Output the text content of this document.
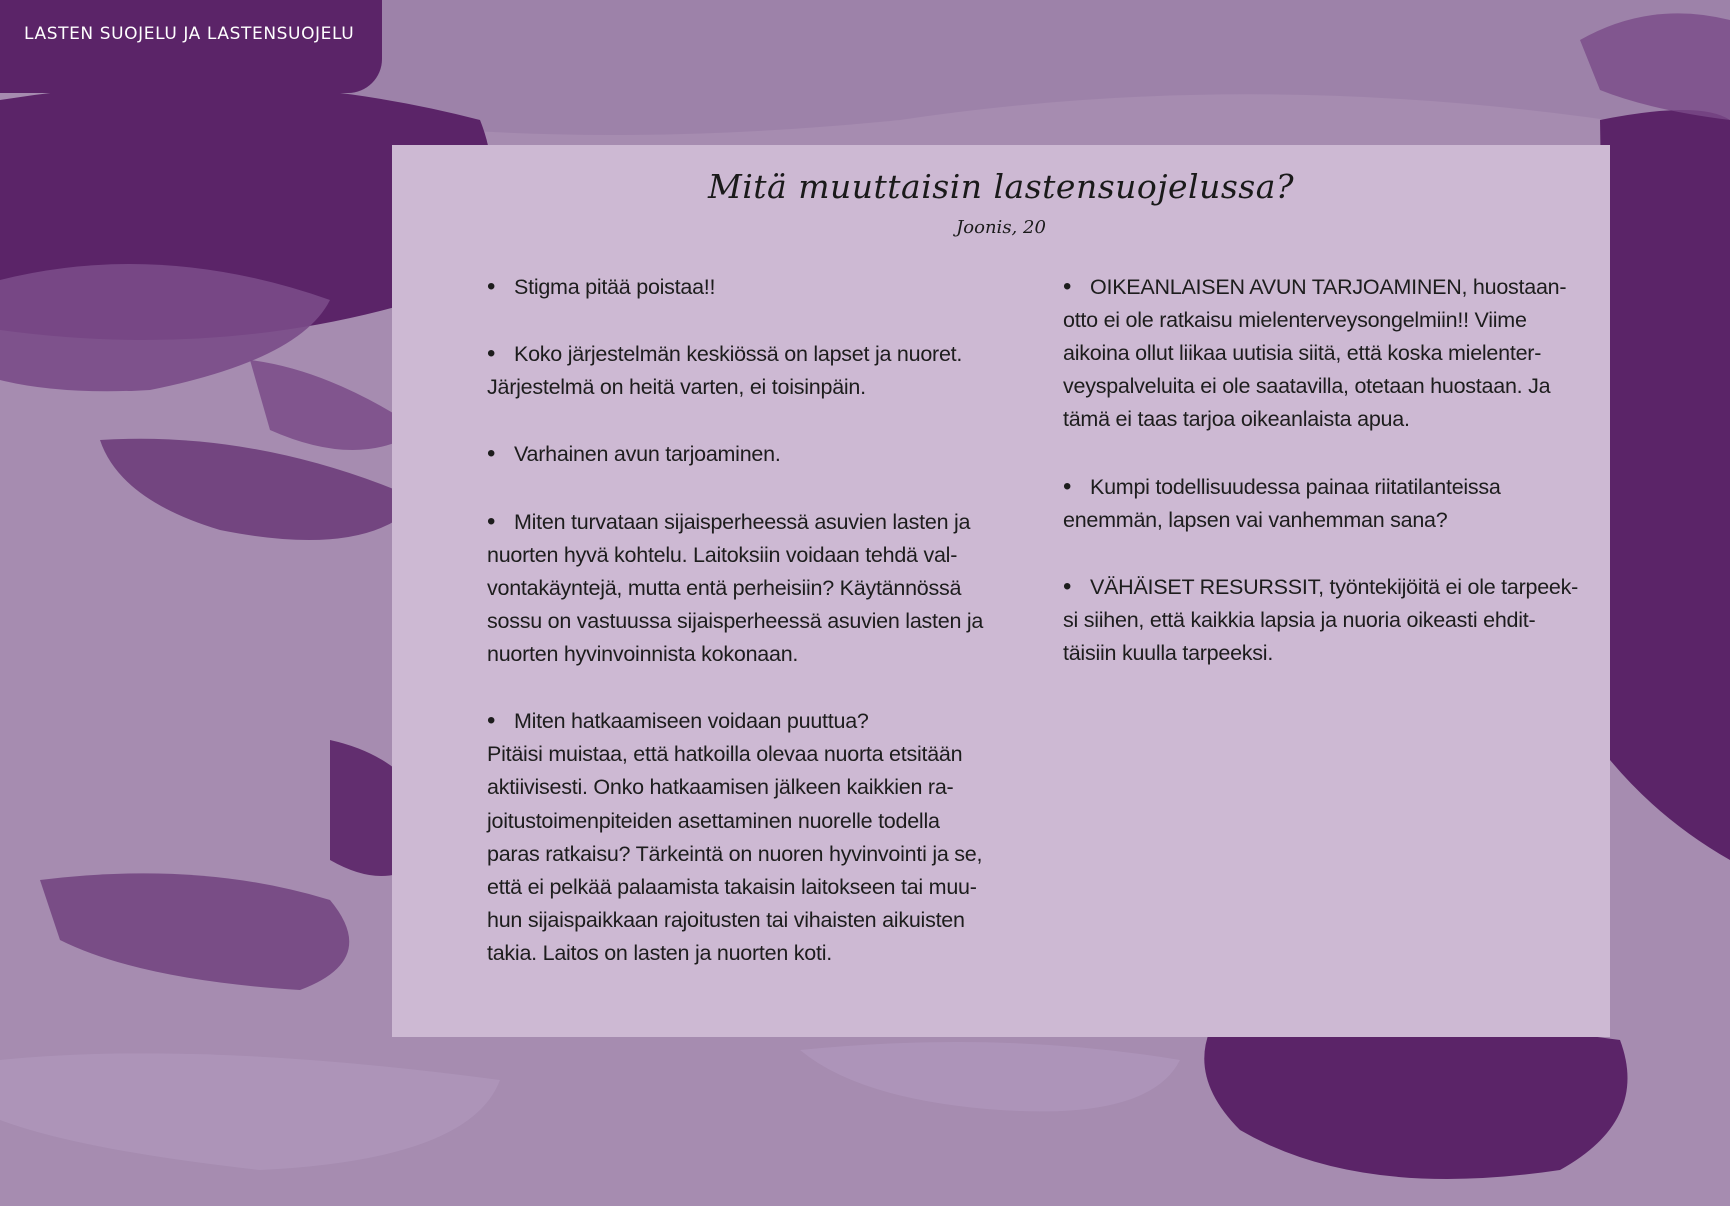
LASTEN SUOJELU JA LASTENSUOJELU
Mitä muuttaisin lastensuojelussa?
Joonis, 20
• Stigma pitää poistaa!!
• Koko järjestelmän keskiössä on lapset ja nuoret.
Järjestelmä on heitä varten, ei toisinpäin.
• Varhainen avun tarjoaminen.
• Miten turvataan sijaisperheessä asuvien lasten ja
nuorten hyvä kohtelu. Laitoksiin voidaan tehdä val-
vontakäyntejä, mutta entä perheisiin? Käytännössä
sossu on vastuussa sijaisperheessä asuvien lasten ja
nuorten hyvinvoinnista kokonaan.
• Miten hatkaamiseen voidaan puuttua?
Pitäisi muistaa, että hatkoilla olevaa nuorta etsitään
aktiivisesti. Onko hatkaamisen jälkeen kaikkien ra-
joitustoimenpiteiden asettaminen nuorelle todella
paras ratkaisu? Tärkeintä on nuoren hyvinvointi ja se,
että ei pelkää palaamista takaisin laitokseen tai muu-
hun sijaispaikkaan rajoitusten tai vihaisten aikuisten
takia. Laitos on lasten ja nuorten koti.
• OIKEANLAISEN AVUN TARJOAMINEN, huostaan-
otto ei ole ratkaisu mielenterveysongelmiin!! Viime
aikoina ollut liikaa uutisia siitä, että koska mielenter-
veyspalveluita ei ole saatavilla, otetaan huostaan. Ja
tämä ei taas tarjoa oikeanlaista apua.
• Kumpi todellisuudessa painaa riitatilanteissa
enemmän, lapsen vai vanhemman sana?
• VÄHÄISET RESURSSIT, työntekijöitä ei ole tarpeek-
si siihen, että kaikkia lapsia ja nuoria oikeasti ehdit-
täisiin kuulla tarpeeksi.
